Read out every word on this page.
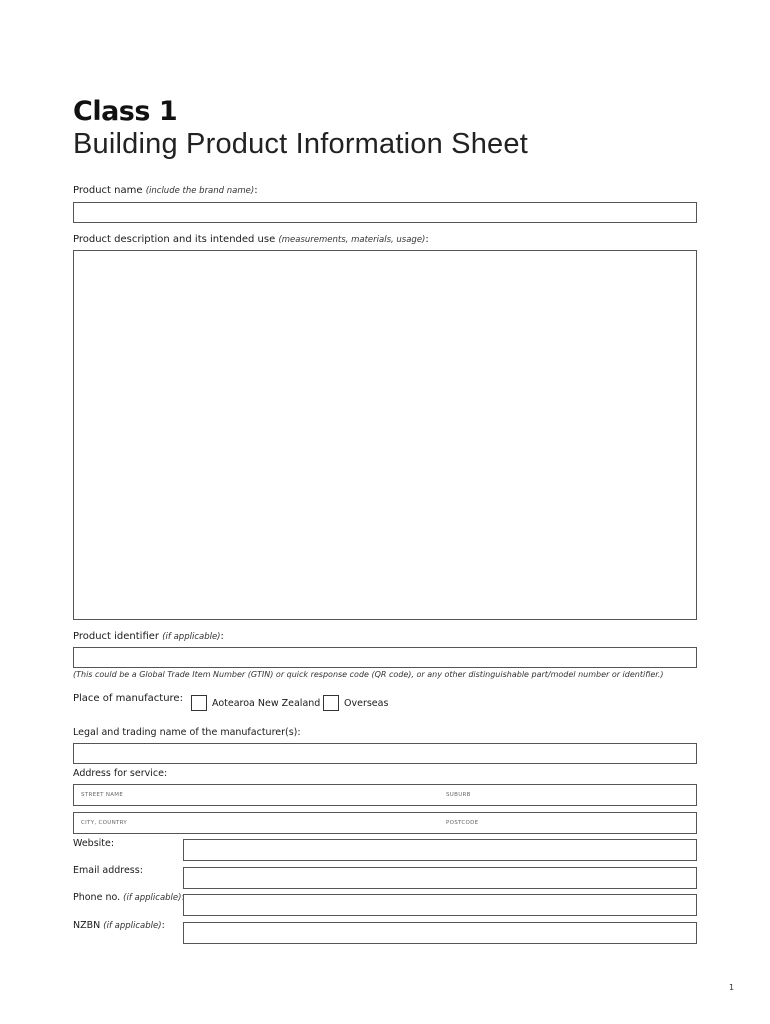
Class 1
Building Product Information Sheet
Product name (include the brand name):
Product description and its intended use (measurements, materials, usage):
Product identifier (if applicable):
(This could be a Global Trade Item Number (GTIN) or quick response code (QR code), or any other distinguishable part/model number or identifier.)
Place of manufacture:	Aotearoa New Zealand Overseas
Legal and trading name of the manufacturer(s):
Address for service:
STREET NAME	SUBURB
CITY, COUNTRY	POSTCODE
Website:
Email address:
Phone no. (if applicable)
NZBN (if applicable):
1
